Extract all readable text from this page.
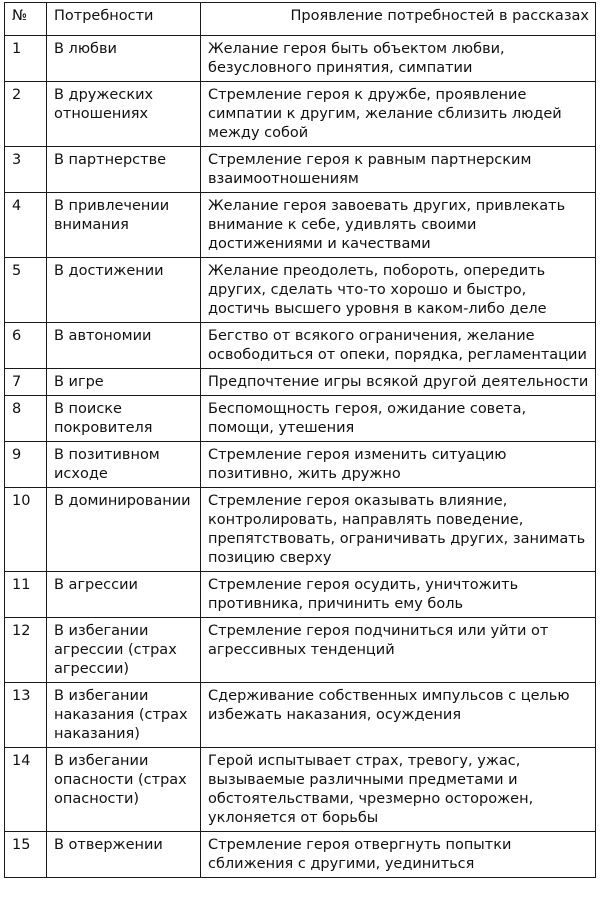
№	Потребности	Проявление потребностей в рассказах
1	В любви	Желание героя быть объектом любви, безусловного принятия, симпатии
2	В дружеских отношениях	Стремление героя к дружбе, проявление симпатии к другим, желание сблизить людей между собой
3	В партнерстве	Стремление героя к равным партнерским взаимоотношениям
4	В привлечении внимания	Желание героя завоевать других, привлекать внимание к себе, удивлять своими достижениями и качествами
5	В достижении	Желание преодолеть, побороть, опередить других, сделать что-то хорошо и быстро, достичь высшего уровня в каком-либо деле
6	В автономии	Бегство от всякого ограничения, желание освободиться от опеки, порядка, регламентации
7	В игре	Предпочтение игры всякой другой деятельности
8	В поиске покровителя	Беспомощность героя, ожидание совета, помощи, утешения
9	В позитивном исходе	Стремление героя изменить ситуацию позитивно, жить дружно
10	В доминировании	Стремление героя оказывать влияние, контролировать, направлять поведение, препятствовать, ограничивать других, занимать позицию сверху
11	В агрессии	Стремление героя осудить, уничтожить противника, причинить ему боль
12	В избегании агрессии (страх агрессии)	Стремление героя подчиниться или уйти от агрессивных тенденций
13	В избегании наказания (страх наказания)	Сдерживание собственных импульсов с целью избежать наказания, осуждения
14	В избегании опасности (страх опасности)	Герой испытывает страх, тревогу, ужас, вызываемые различными предметами и обстоятельствами, чрезмерно осторожен, уклоняется от борьбы
15	В отвержении	Стремление героя отвергнуть попытки сближения с другими, уединиться
